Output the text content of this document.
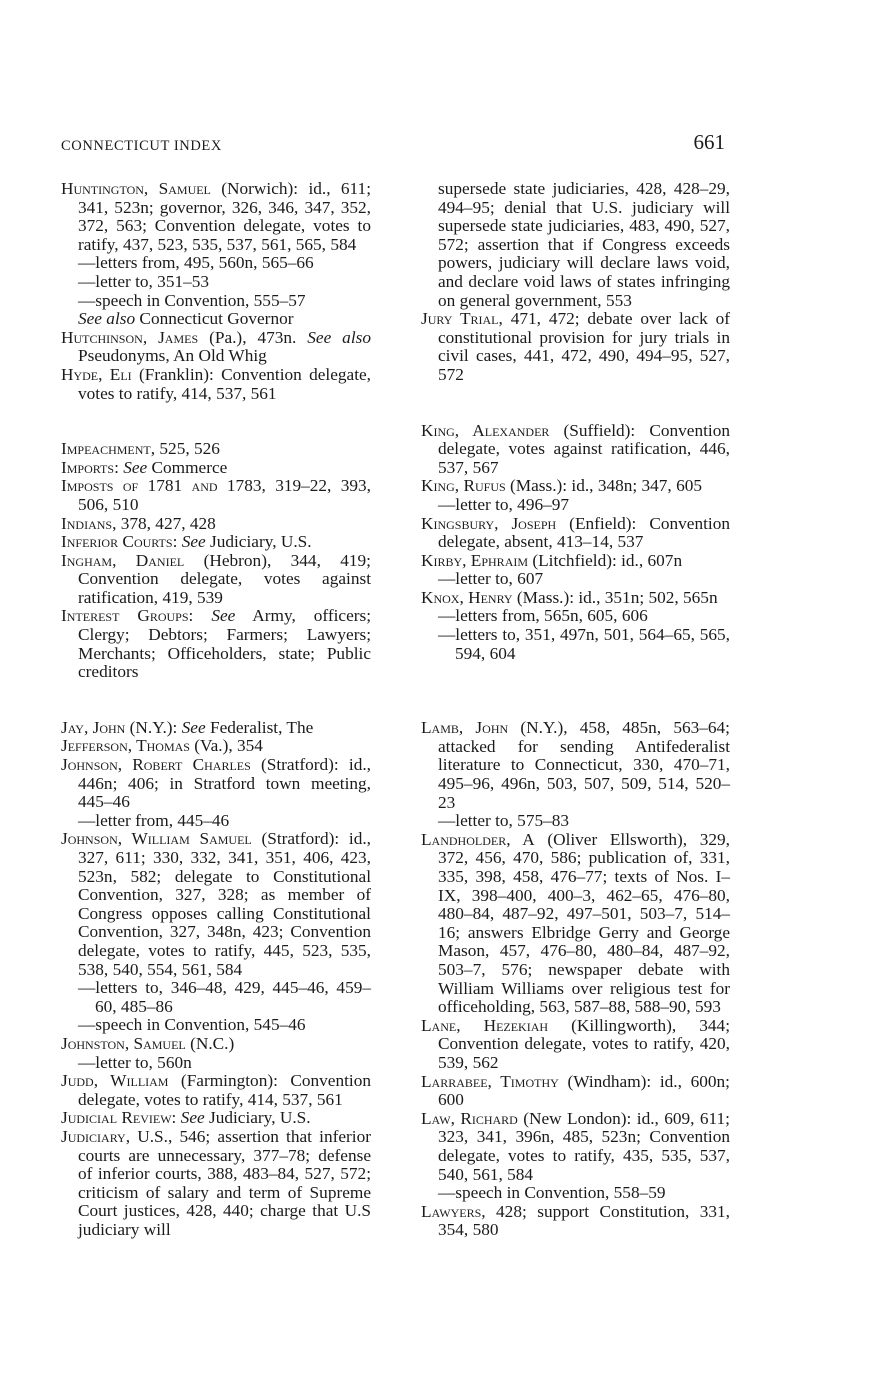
CONNECTICUT INDEX	661

Huntington, Samuel (Norwich): id., 611; 341, 523n; governor, 326, 346, 347, 352, 372, 563; Convention delegate, votes to ratify, 437, 523, 535, 537, 561, 565, 584

—letters from, 495, 560n, 565–66

—letter to, 351–53

—speech in Convention, 555–57

See also Connecticut Governor

Hutchinson, James (Pa.), 473n. See also Pseudonyms, An Old Whig

Hyde, Eli (Franklin): Convention delegate, votes to ratify, 414, 537, 561

Impeachment, 525, 526

Imports: See Commerce

Imposts of 1781 and 1783, 319–22, 393, 506, 510

Indians, 378, 427, 428

Inferior Courts: See Judiciary, U.S.

Ingham, Daniel (Hebron), 344, 419; Convention delegate, votes against ratification, 419, 539

Interest Groups: See Army, officers; Clergy; Debtors; Farmers; Lawyers; Merchants; Officeholders, state; Public creditors

Jay, John (N.Y.): See Federalist, The

Jefferson, Thomas (Va.), 354

Johnson, Robert Charles (Stratford): id., 446n; 406; in Stratford town meeting, 445–46

—letter from, 445–46

Johnson, William Samuel (Stratford): id., 327, 611; 330, 332, 341, 351, 406, 423, 523n, 582; delegate to Constitutional Convention, 327, 328; as member of Congress opposes calling Constitutional Convention, 327, 348n, 423; Convention delegate, votes to ratify, 445, 523, 535, 538, 540, 554, 561, 584

—letters to, 346–48, 429, 445–46, 459–60, 485–86

—speech in Convention, 545–46

Johnston, Samuel (N.C.)

—letter to, 560n

Judd, William (Farmington): Convention delegate, votes to ratify, 414, 537, 561

Judicial Review: See Judiciary, U.S.

Judiciary, U.S., 546; assertion that inferior courts are unnecessary, 377–78; defense of inferior courts, 388, 483–84, 527, 572; criticism of salary and term of Supreme Court justices, 428, 440; charge that U.S judiciary will

supersede state judiciaries, 428, 428–29, 494–95; denial that U.S. judiciary will supersede state judiciaries, 483, 490, 527, 572; assertion that if Congress exceeds powers, judiciary will declare laws void, and declare void laws of states infringing on general government, 553

Jury Trial, 471, 472; debate over lack of constitutional provision for jury trials in civil cases, 441, 472, 490, 494–95, 527, 572

King, Alexander (Suffield): Convention delegate, votes against ratification, 446, 537, 567

King, Rufus (Mass.): id., 348n; 347, 605

—letter to, 496–97

Kingsbury, Joseph (Enfield): Convention delegate, absent, 413–14, 537

Kirby, Ephraim (Litchfield): id., 607n

—letter to, 607

Knox, Henry (Mass.): id., 351n; 502, 565n

—letters from, 565n, 605, 606

—letters to, 351, 497n, 501, 564–65, 565, 594, 604

Lamb, John (N.Y.), 458, 485n, 563–64; attacked for sending Antifederalist literature to Connecticut, 330, 470–71, 495–96, 496n, 503, 507, 509, 514, 520–23

—letter to, 575–83

Landholder, A (Oliver Ellsworth), 329, 372, 456, 470, 586; publication of, 331, 335, 398, 458, 476–77; texts of Nos. I–IX, 398–400, 400–3, 462–65, 476–80, 480–84, 487–92, 497–501, 503–7, 514–16; answers Elbridge Gerry and George Mason, 457, 476–80, 480–84, 487–92, 503–7, 576; newspaper debate with William Williams over religious test for officeholding, 563, 587–88, 588–90, 593

Lane, Hezekiah (Killingworth), 344; Convention delegate, votes to ratify, 420, 539, 562

Larrabee, Timothy (Windham): id., 600n; 600

Law, Richard (New London): id., 609, 611; 323, 341, 396n, 485, 523n; Convention delegate, votes to ratify, 435, 535, 537, 540, 561, 584

—speech in Convention, 558–59

Lawyers, 428; support Constitution, 331, 354, 580
